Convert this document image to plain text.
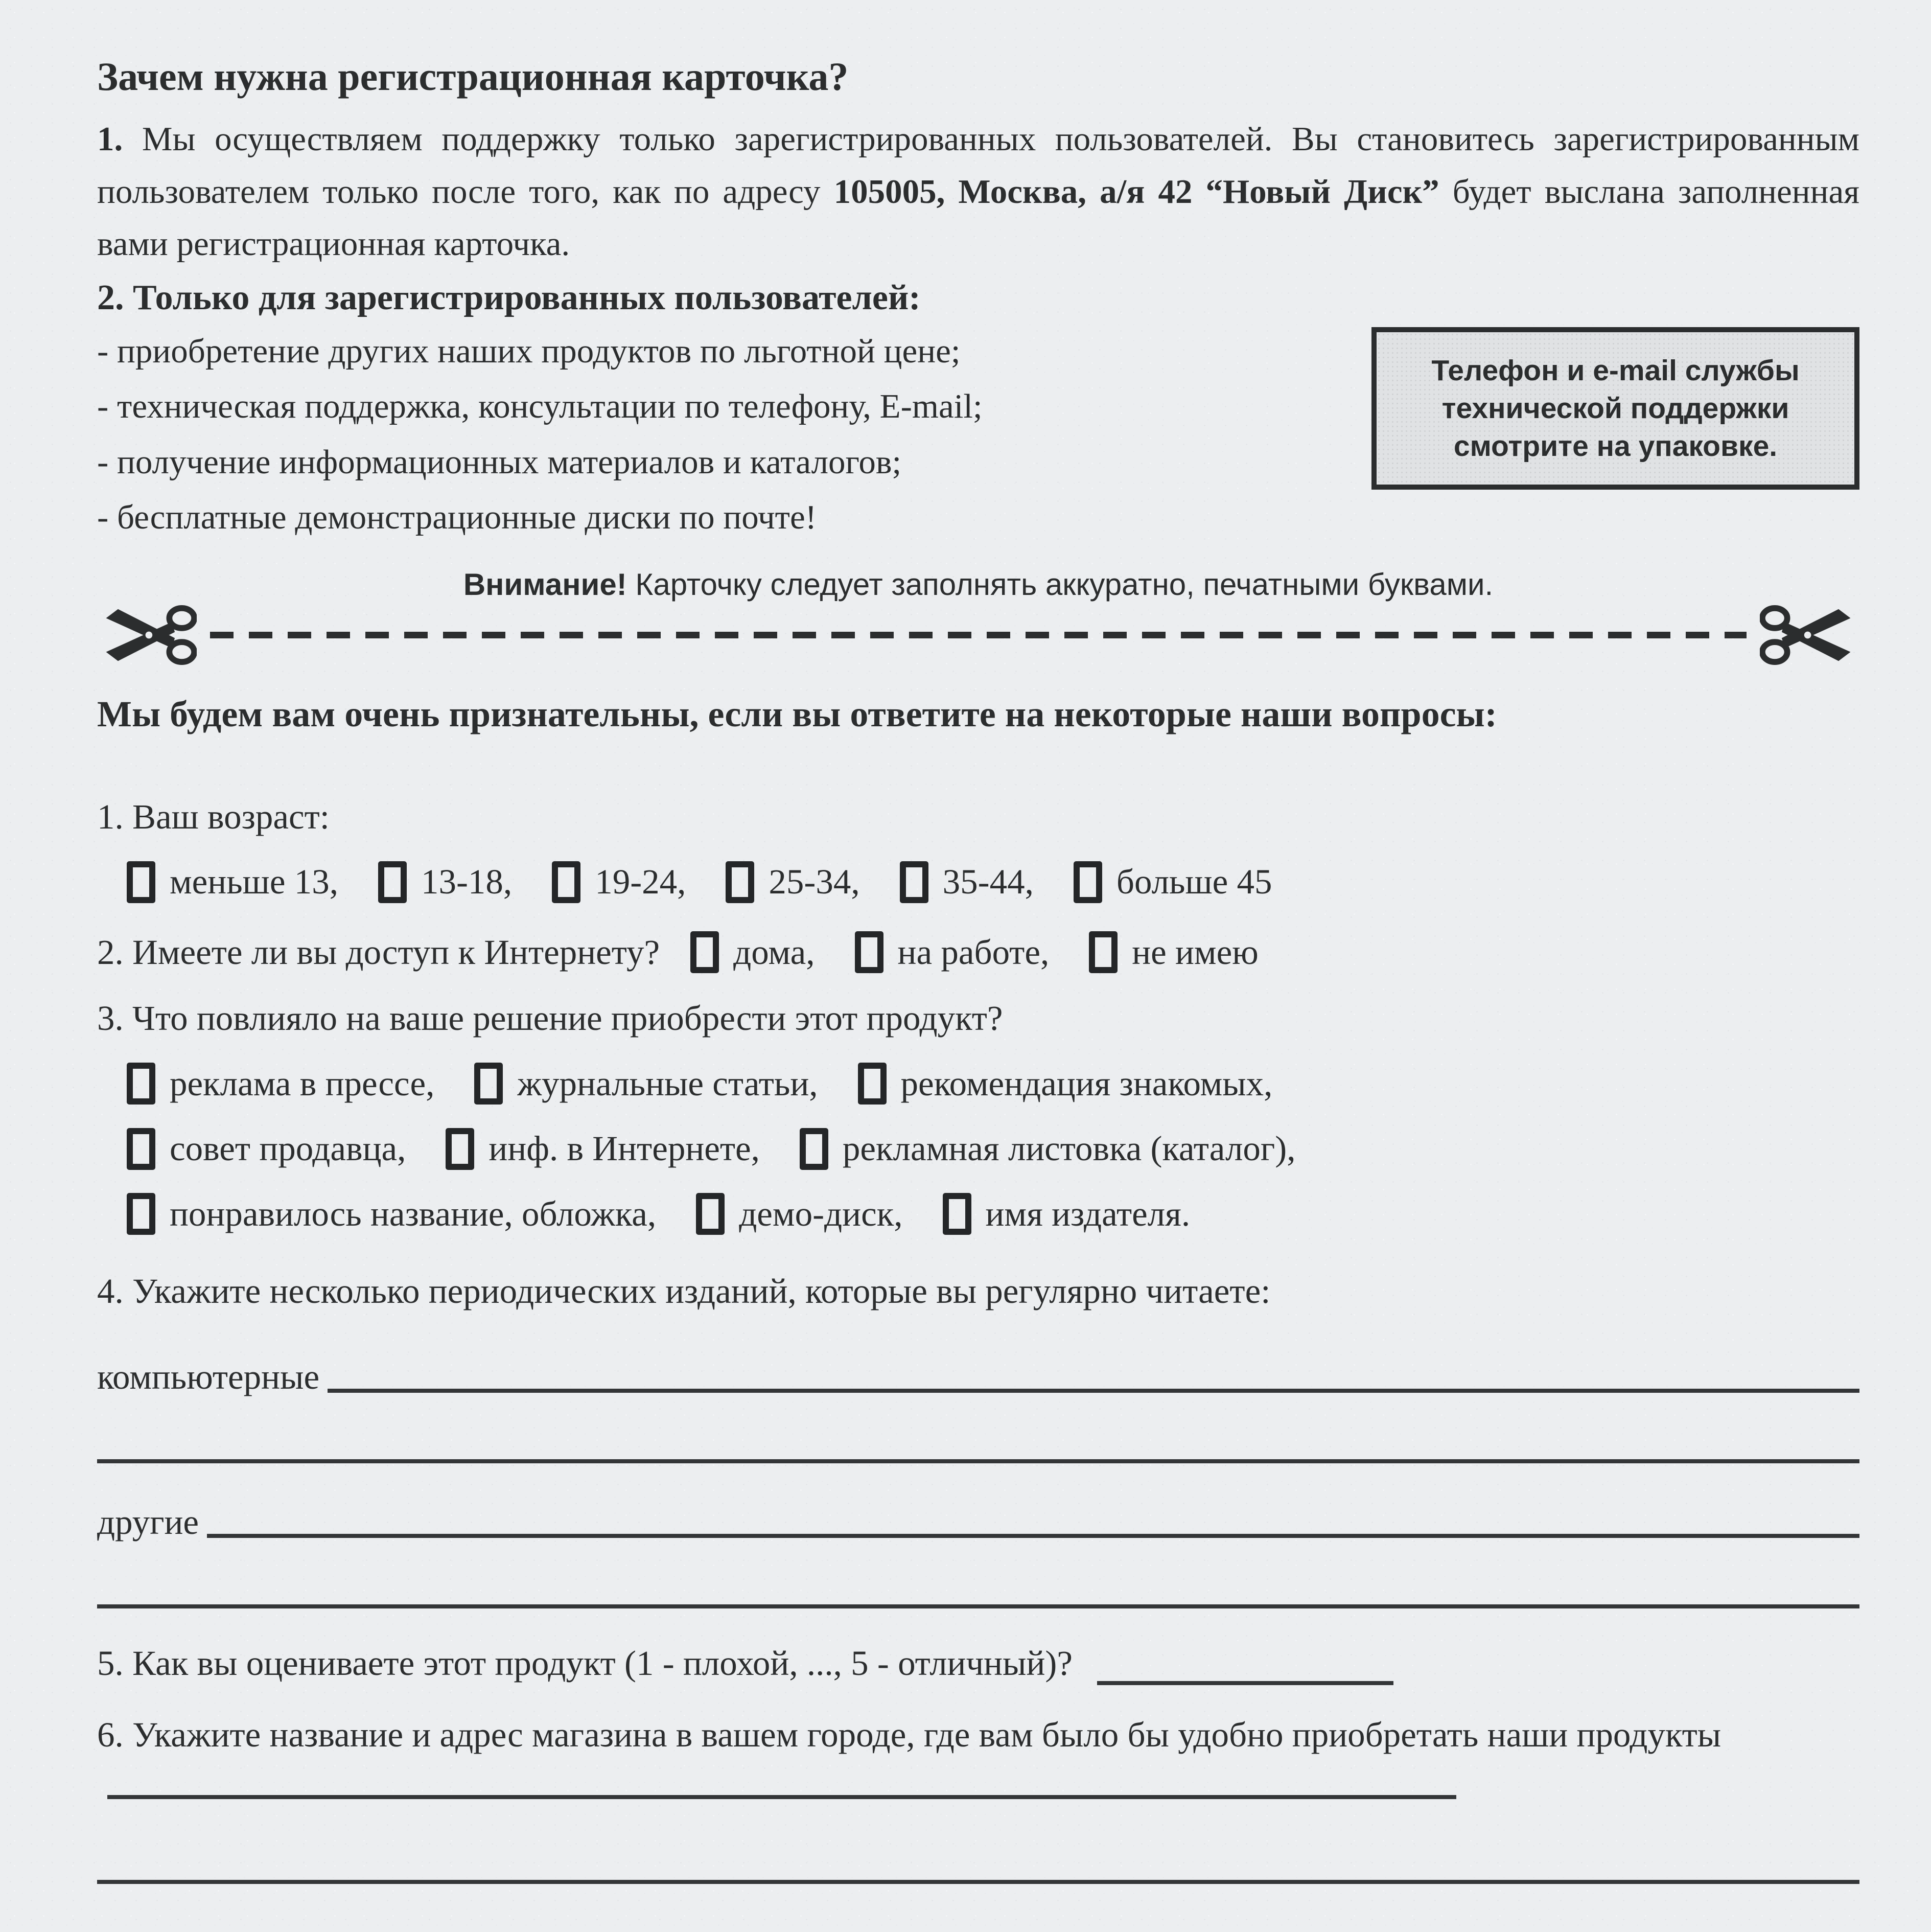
Зачем нужна регистрационная карточка?

1. Мы осуществляем поддержку только зарегистрированных пользователей. Вы становитесь зарегистрированным пользователем только после того, как по адресу 105005, Москва, а/я 42 “Новый Диск” будет выслана заполненная вами регистрационная карточка.

2. Только для зарегистрированных пользователей:
- приобретение других наших продуктов по льготной цене;
- техническая поддержка, консультации по телефону, E-mail;
- получение информационных материалов и каталогов;
- бесплатные демонстрационные диски по почте!
Телефон и e-mail службы технической поддержки смотрите на упаковке.
Внимание! Карточку следует заполнять аккуратно, печатными буквами.
Мы будем вам очень признательны, если вы ответите на некоторые наши вопросы:
1. Ваш возраст:
меньше 13, 13-18, 19-24, 25-34, 35-44, больше 45
2. Имеете ли вы доступ к Интернету? дома, на работе, не имею
3. Что повлияло на ваше решение приобрести этот продукт?
реклама в прессе, журнальные статьи, рекомендация знакомых,
совет продавца, инф. в Интернете, рекламная листовка (каталог),
понравилось название, обложка, демо-диск, имя издателя.
4. Укажите несколько периодических изданий, которые вы регулярно читаете:
компьютерные
другие
5. Как вы оцениваете этот продукт (1 - плохой, ..., 5 - отличный)?
6. Укажите название и адрес магазина в вашем городе, где вам было бы удобно приобретать наши продукты
